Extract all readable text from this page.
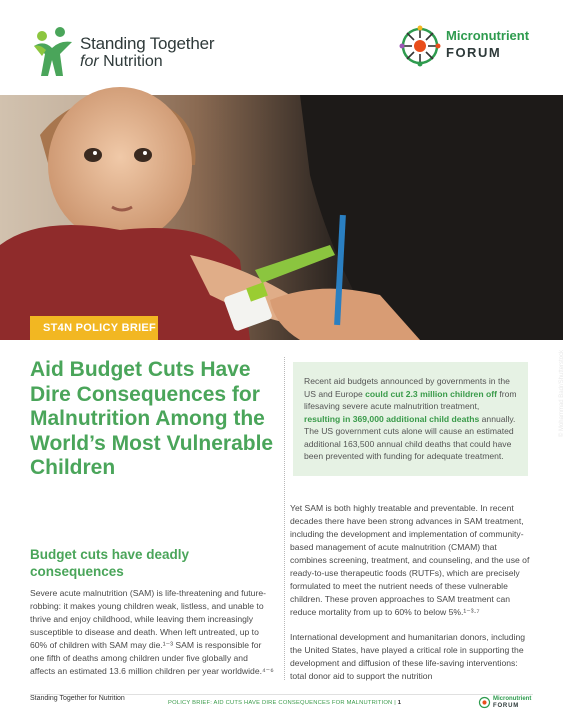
Standing Together
for Nutrition
Micronutrient
FORUM
© Mohammad Badr/Shutterstock
ST4N POLICY BRIEF
Aid Budget Cuts Have Dire Consequences for Malnutrition Among the World’s Most Vulnerable Children
Budget cuts have deadly consequences

Severe acute malnutrition (SAM) is life-threatening and future-robbing: it makes young children weak, listless, and unable to thrive and enjoy childhood, while leaving them increasingly susceptible to disease and death. When left untreated, up to 60% of children with SAM may die.¹⁻³ SAM is responsible for one fifth of deaths among children under five globally and affects an estimated 13.6 million children per year worldwide.⁴⁻⁶

Recent aid budgets announced by governments in the US and Europe could cut 2.3 million children off from lifesaving severe acute malnutrition treatment, resulting in 369,000 additional child deaths annually. The US government cuts alone will cause an estimated additional 163,500 annual child deaths that could have been prevented with funding for adequate treatment.

Yet SAM is both highly treatable and preventable. In recent decades there have been strong advances in SAM treatment, including the development and implementation of community-based management of acute malnutrition (CMAM) that combines screening, treatment, and counseling, and the use of ready-to-use therapeutic foods (RUTFs), which are precisely formulated to meet the nutrient needs of these vulnerable children. These proven approaches to SAM treatment can reduce mortality from up to 60% to below 5%.¹⁻³·⁷

International development and humanitarian donors, including the United States, have played a critical role in supporting the development and diffusion of these life-saving interventions: total donor aid to support the nutrition

Standing Together for Nutrition
POLICY BRIEF: AID CUTS HAVE DIRE CONSEQUENCES FOR MALNUTRITION | 1
Micronutrient
FORUM
